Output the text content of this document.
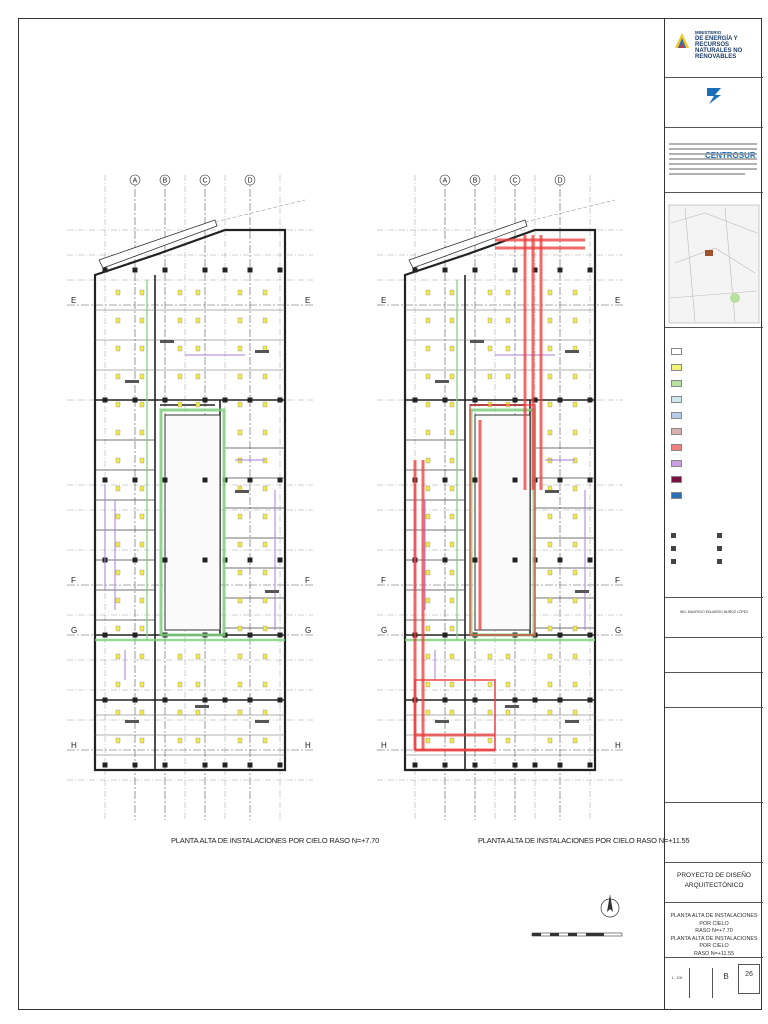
A	B	C	D
E	E
F	F
G	G
H	H
PLANTA ALTA DE INSTALACIONES POR CIELO RASO N=+7.70
A	B	C	D
E	E
F	F
G	G
H	H
PLANTA ALTA DE INSTALACIONES POR CIELO RASO N=+11.55
MINISTERIO
DE ENERGÍA Y RECURSOS
NATURALES NO RENOVABLES
CENTROSUR
ING. MAURICIO EDUARDO MUÑOZ LÓPEZ
PROYECTO DE DISEÑO
ARQUITECTÓNICO
PLANTA ALTA DE INSTALACIONES POR CIELO
RASO N=+7.70
PLANTA ALTA DE INSTALACIONES POR CIELO
RASO N=+11.55
1 : 100	B	26
